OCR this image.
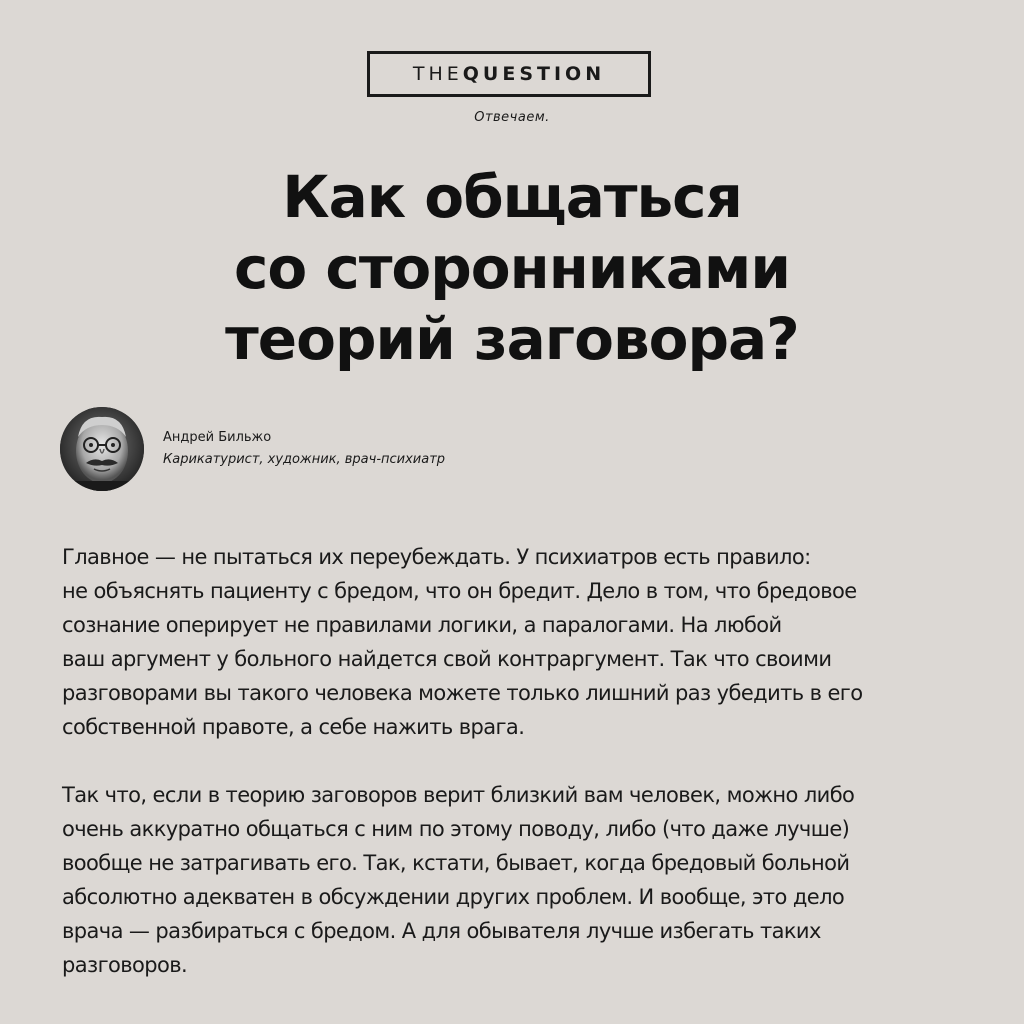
THE QUESTION
Отвечаем.
Как общаться
со сторонниками
теорий заговора?
Андрей Бильжо
Карикатурист, художник, врач-психиатр

Главное — не пытаться их переубеждать. У психиатров есть правило:
не объяснять пациенту с бредом, что он бредит. Дело в том, что бредовое
сознание оперирует не правилами логики, а паралогами. На любой
ваш аргумент у больного найдется свой контраргумент. Так что своими
разговорами вы такого человека можете только лишний раз убедить в его
собственной правоте, а себе нажить врага.

Так что, если в теорию заговоров верит близкий вам человек, можно либо
очень аккуратно общаться с ним по этому поводу, либо (что даже лучше)
вообще не затрагивать его. Так, кстати, бывает, когда бредовый больной
абсолютно адекватен в обсуждении других проблем. И вообще, это дело
врача — разбираться с бредом. А для обывателя лучше избегать таких
разговоров.
